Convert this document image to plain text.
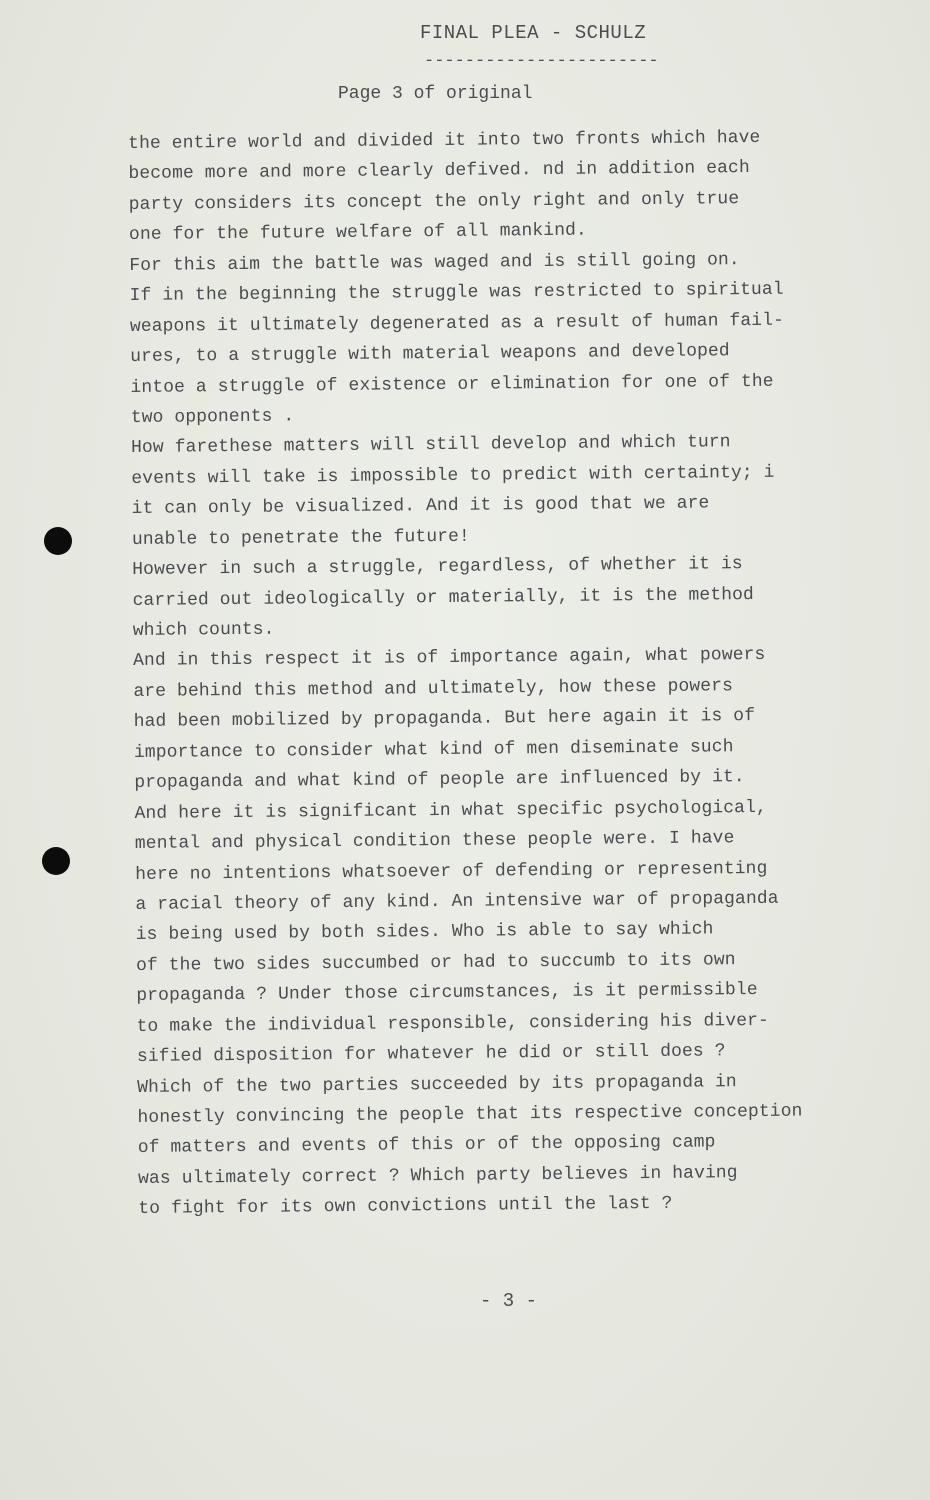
FINAL PLEA - SCHULZ
-----------------------
Page 3 of original
the entire world and divided it into two fronts which have
become more and more clearly defived. nd in addition each
party considers its concept the only right and only true
one for the future welfare of all mankind.
For this aim the battle was waged and is still going on.
If in the beginning the struggle was restricted to spiritual
weapons it ultimately degenerated as a result of human fail-
ures, to a struggle with material weapons and developed
intoe a struggle of existence or elimination for one of the
two opponents .
How farethese matters will still develop and which turn
events will take is impossible to predict with certainty; i
it can only be visualized. And it is good that we are
unable to penetrate the future!
However in such a struggle, regardless, of whether it is
carried out ideologically or materially, it is the method
which counts.
And in this respect it is of importance again, what powers
are behind this method and ultimately, how these powers
had been mobilized by propaganda. But here again it is of
importance to consider what kind of men diseminate such
propaganda and what kind of people are influenced by it.
And here it is significant in what specific psychological,
mental and physical condition these people were. I have
here no intentions whatsoever of defending or representing
a racial theory of any kind. An intensive war of propaganda
is being used by both sides. Who is able to say which
of the two sides succumbed or had to succumb to its own
propaganda ? Under those circumstances, is it permissible
to make the individual responsible, considering his diver-
sified disposition for whatever he did or still does ?
Which of the two parties succeeded by its propaganda in
honestly convincing the people that its respective conception
of matters and events of this or of the opposing camp
was ultimately correct ? Which party believes in having
to fight for its own convictions until the last ?
- 3 -
